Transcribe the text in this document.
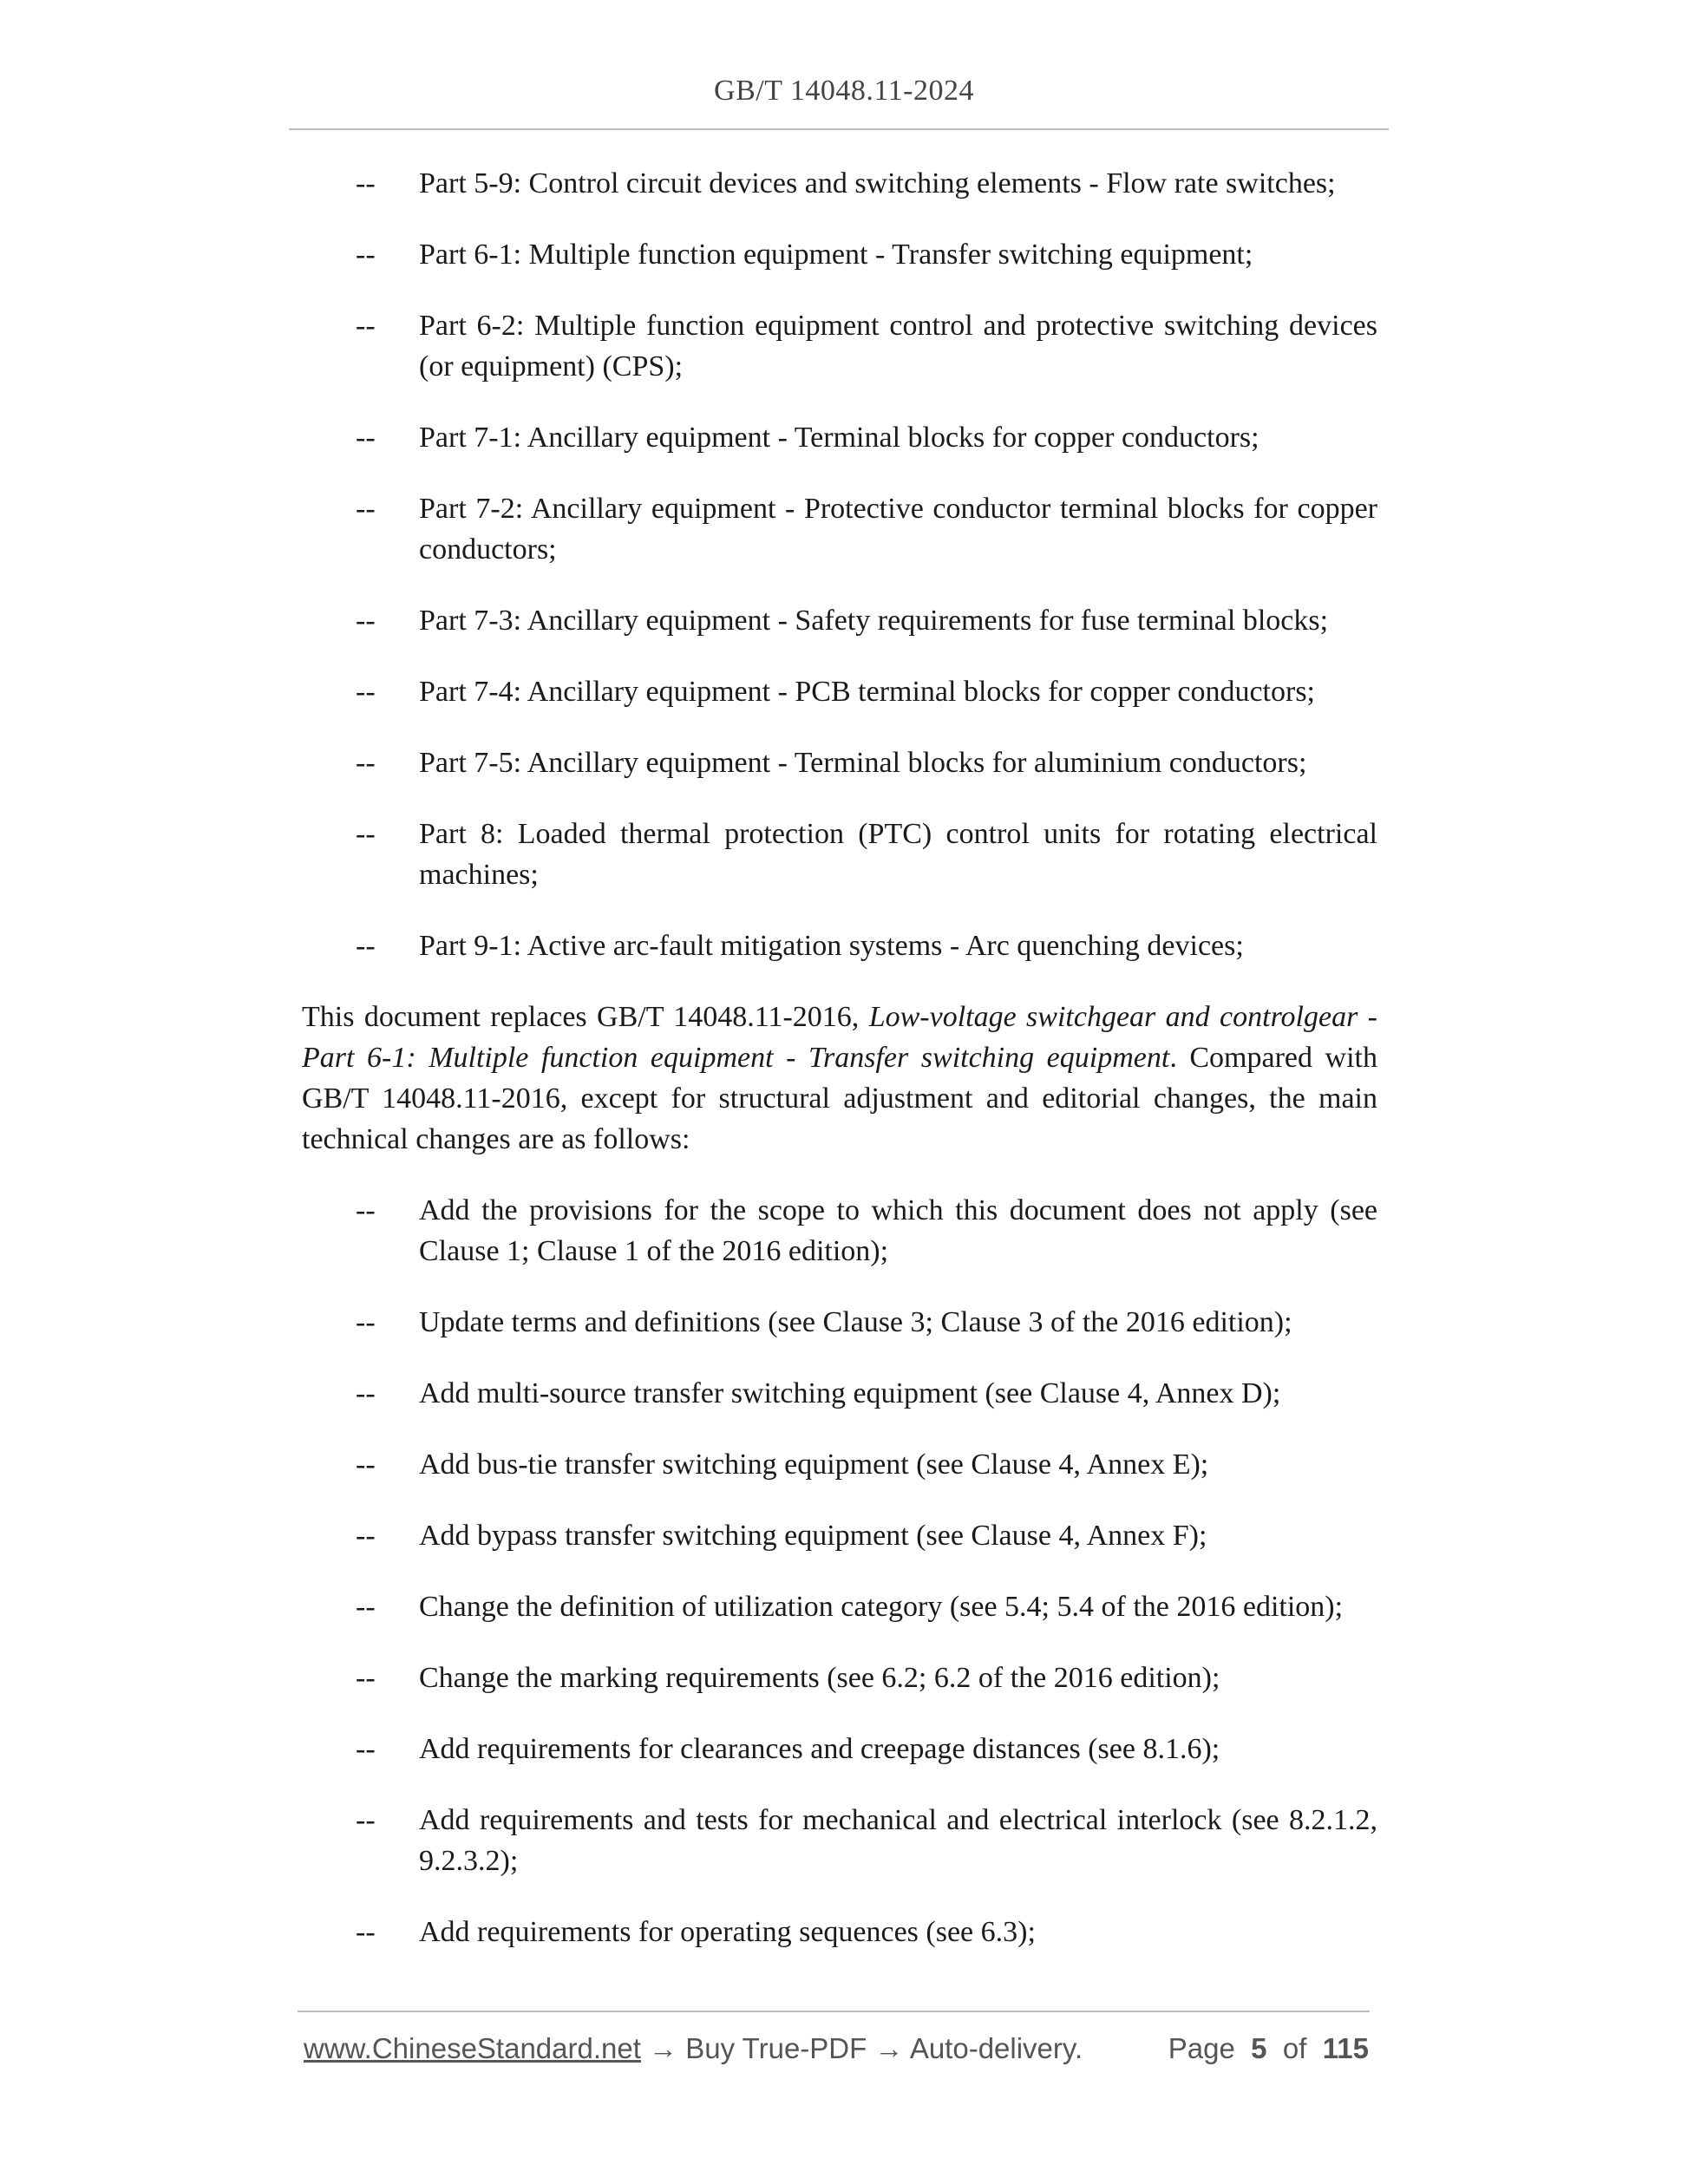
GB/T 14048.11-2024
-- Part 5-9: Control circuit devices and switching elements - Flow rate switches;
-- Part 6-1: Multiple function equipment - Transfer switching equipment;
-- Part 6-2: Multiple function equipment control and protective switching devices (or equipment) (CPS);
-- Part 7-1: Ancillary equipment - Terminal blocks for copper conductors;
-- Part 7-2: Ancillary equipment - Protective conductor terminal blocks for copper conductors;
-- Part 7-3: Ancillary equipment - Safety requirements for fuse terminal blocks;
-- Part 7-4: Ancillary equipment - PCB terminal blocks for copper conductors;
-- Part 7-5: Ancillary equipment - Terminal blocks for aluminium conductors;
-- Part 8: Loaded thermal protection (PTC) control units for rotating electrical machines;
-- Part 9-1: Active arc-fault mitigation systems - Arc quenching devices;

This document replaces GB/T 14048.11-2016, Low-voltage switchgear and controlgear - Part 6-1: Multiple function equipment - Transfer switching equipment. Compared with GB/T 14048.11-2016, except for structural adjustment and editorial changes, the main technical changes are as follows:

-- Add the provisions for the scope to which this document does not apply (see Clause 1; Clause 1 of the 2016 edition);
-- Update terms and definitions (see Clause 3; Clause 3 of the 2016 edition);
-- Add multi-source transfer switching equipment (see Clause 4, Annex D);
-- Add bus-tie transfer switching equipment (see Clause 4, Annex E);
-- Add bypass transfer switching equipment (see Clause 4, Annex F);
-- Change the definition of utilization category (see 5.4; 5.4 of the 2016 edition);
-- Change the marking requirements (see 6.2; 6.2 of the 2016 edition);
-- Add requirements for clearances and creepage distances (see 8.1.6);
-- Add requirements and tests for mechanical and electrical interlock (see 8.2.1.2, 9.2.3.2);
-- Add requirements for operating sequences (see 6.3);
www.ChineseStandard.net → Buy True-PDF → Auto-delivery.	Page 5 of 115
